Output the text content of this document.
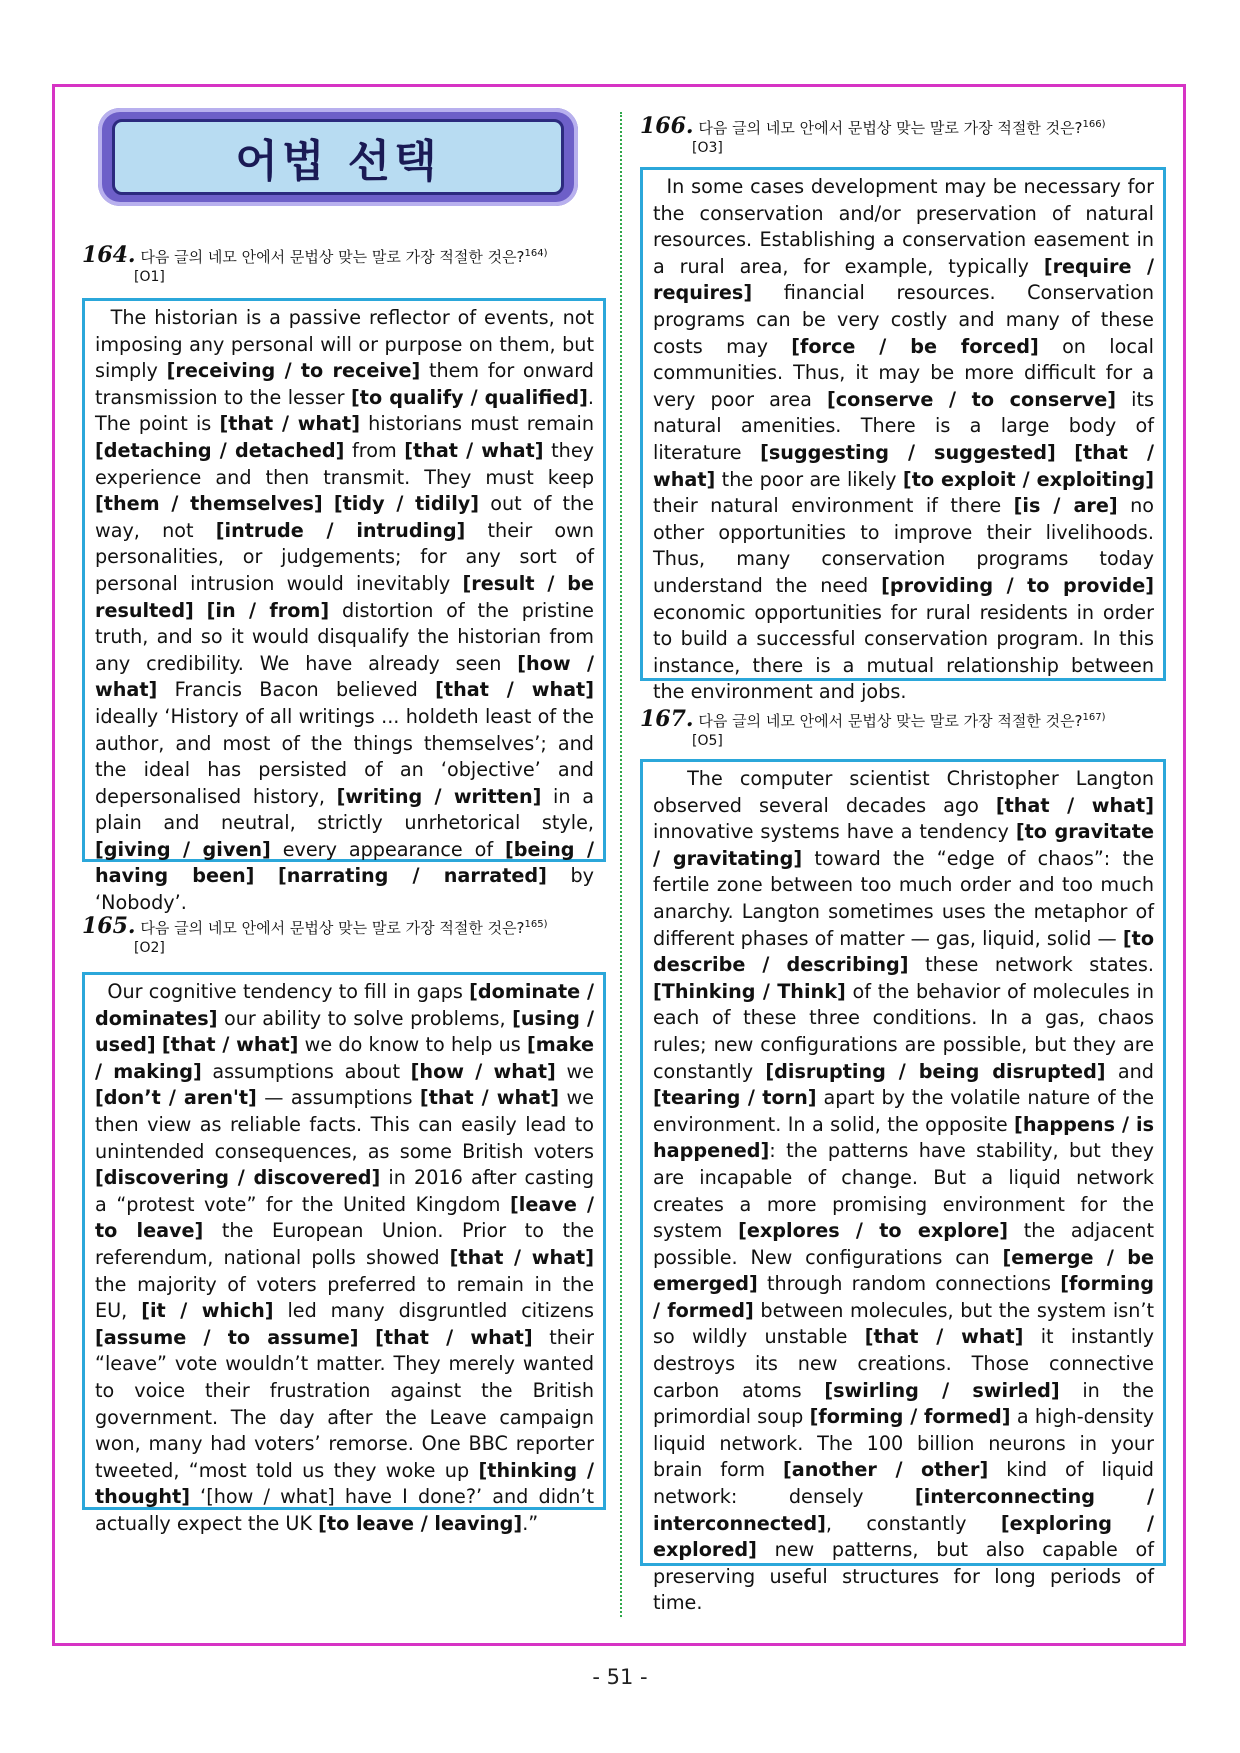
어법 선택
164. 다음 글의 네모 안에서 문법상 맞는 말로 가장 적절한 것은?$^{164)}$
[O1]
The historian is a passive reflector of events, not imposing any personal will or purpose on them, but simply [receiving / to receive] them for onward transmission to the lesser [to qualify / qualified]. The point is [that / what] historians must remain [detaching / detached] from [that / what] they experience and then transmit. They must keep [them / themselves] [tidy / tidily] out of the way, not [intrude / intruding] their own personalities, or judgements; for any sort of personal intrusion would inevitably [result / be resulted] [in / from] distortion of the pristine truth, and so it would disqualify the historian from any credibility. We have already seen [how / what] Francis Bacon believed [that / what] ideally ‘History of all writings ... holdeth least of the author, and most of the things themselves’; and the ideal has persisted of an ‘objective’ and depersonalised history, [writing / written] in a plain and neutral, strictly unrhetorical style, [giving / given] every appearance of [being / having been] [narrating / narrated] by ‘Nobody’.
165. 다음 글의 네모 안에서 문법상 맞는 말로 가장 적절한 것은?$^{165)}$
[O2]
Our cognitive tendency to fill in gaps [dominate / dominates] our ability to solve problems, [using / used] [that / what] we do know to help us [make / making] assumptions about [how / what] we [don’t / aren't] — assumptions [that / what] we then view as reliable facts. This can easily lead to unintended consequences, as some British voters [discovering / discovered] in 2016 after casting a “protest vote” for the United Kingdom [leave / to leave] the European Union. Prior to the referendum, national polls showed [that / what] the majority of voters preferred to remain in the EU, [it / which] led many disgruntled citizens [assume / to assume] [that / what] their “leave” vote wouldn’t matter. They merely wanted to voice their frustration against the British government. The day after the Leave campaign won, many had voters’ remorse. One BBC reporter tweeted, “most told us they woke up [thinking / thought] ‘[how / what] have I done?’ and didn’t actually expect the UK [to leave / leaving].”
166. 다음 글의 네모 안에서 문법상 맞는 말로 가장 적절한 것은?$^{166)}$
[O3]
In some cases development may be necessary for the conservation and/or preservation of natural resources. Establishing a conservation easement in a rural area, for example, typically [require / requires] financial resources. Conservation programs can be very costly and many of these costs may [force / be forced] on local communities. Thus, it may be more difficult for a very poor area [conserve / to conserve] its natural amenities. There is a large body of literature [suggesting / suggested] [that / what] the poor are likely [to exploit / exploiting] their natural environment if there [is / are] no other opportunities to improve their livelihoods. Thus, many conservation programs today understand the need [providing / to provide] economic opportunities for rural residents in order to build a successful conservation program. In this instance, there is a mutual relationship between the environment and jobs.
167. 다음 글의 네모 안에서 문법상 맞는 말로 가장 적절한 것은?$^{167)}$
[O5]
The computer scientist Christopher Langton observed several decades ago [that / what] innovative systems have a tendency [to gravitate / gravitating] toward the “edge of chaos”: the fertile zone between too much order and too much anarchy. Langton sometimes uses the metaphor of different phases of matter — gas, liquid, solid — [to describe / describing] these network states. [Thinking / Think] of the behavior of molecules in each of these three conditions. In a gas, chaos rules; new configurations are possible, but they are constantly [disrupting / being disrupted] and [tearing / torn] apart by the volatile nature of the environment. In a solid, the opposite [happens / is happened]: the patterns have stability, but they are incapable of change. But a liquid network creates a more promising environment for the system [explores / to explore] the adjacent possible. New configurations can [emerge / be emerged] through random connections [forming / formed] between molecules, but the system isn’t so wildly unstable [that / what] it instantly destroys its new creations. Those connective carbon atoms [swirling / swirled] in the primordial soup [forming / formed] a high-density liquid network. The 100 billion neurons in your brain form [another / other] kind of liquid network: densely [interconnecting / interconnected], constantly [exploring / explored] new patterns, but also capable of preserving useful structures for long periods of time.
- 51 -
